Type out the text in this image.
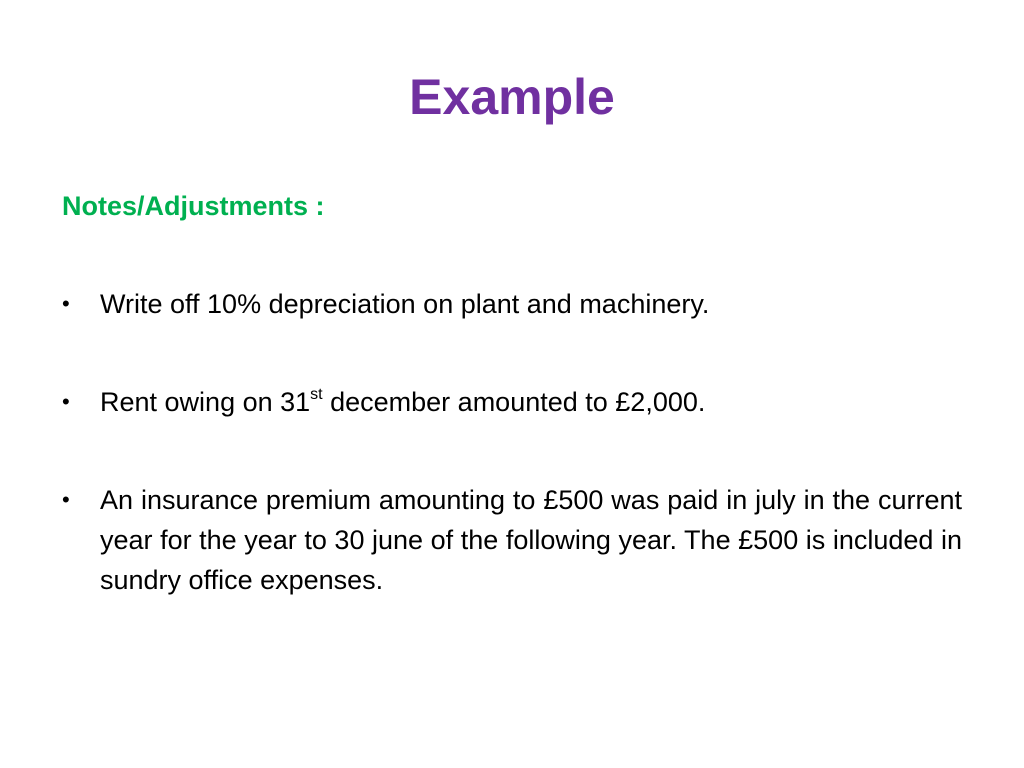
Example
Notes/Adjustments :
•	Write off 10% depreciation on plant and machinery.
•	Rent owing on 31st december amounted to £2,000.
•	An insurance premium amounting to £500 was paid in july in the current year for the year to 30 june of the following year. The £500 is included in sundry office expenses.
